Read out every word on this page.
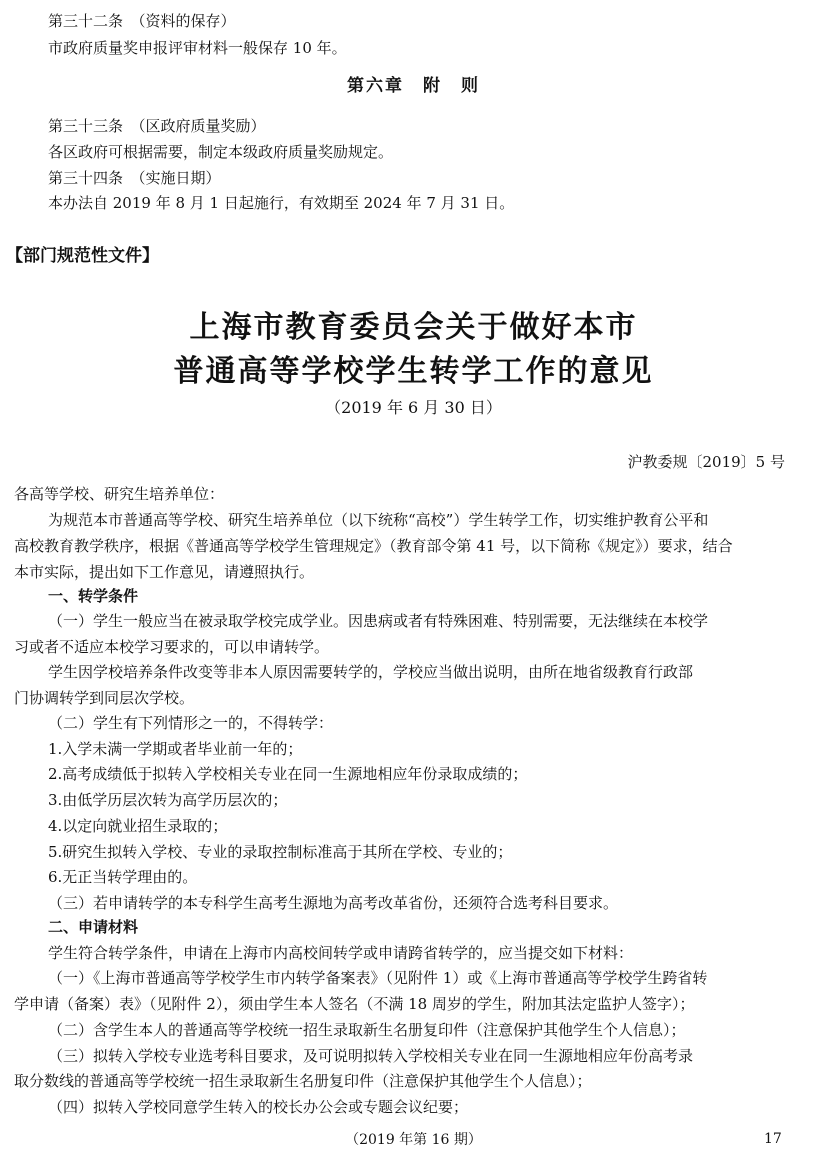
第三十二条　（资料的保存）
市政府质量奖申报评审材料一般保存 10 年。
第六章　附　则
第三十三条　（区政府质量奖励）
各区政府可根据需要，制定本级政府质量奖励规定。
第三十四条　（实施日期）
本办法自 2019 年 8 月 1 日起施行，有效期至 2024 年 7 月 31 日。
【部门规范性文件】
上海市教育委员会关于做好本市
普通高等学校学生转学工作的意见
（2019 年 6 月 30 日）
沪教委规〔2019〕5 号
各高等学校、研究生培养单位：
为规范本市普通高等学校、研究生培养单位（以下统称“高校”）学生转学工作，切实维护教育公平和
高校教育教学秩序，根据《普通高等学校学生管理规定》（教育部令第 41 号，以下简称《规定》）要求，结合
本市实际，提出如下工作意见，请遵照执行。
一、转学条件
（一）学生一般应当在被录取学校完成学业。因患病或者有特殊困难、特别需要，无法继续在本校学
习或者不适应本校学习要求的，可以申请转学。
学生因学校培养条件改变等非本人原因需要转学的，学校应当做出说明，由所在地省级教育行政部
门协调转学到同层次学校。
（二）学生有下列情形之一的，不得转学：
1.入学未满一学期或者毕业前一年的；
2.高考成绩低于拟转入学校相关专业在同一生源地相应年份录取成绩的；
3.由低学历层次转为高学历层次的；
4.以定向就业招生录取的；
5.研究生拟转入学校、专业的录取控制标准高于其所在学校、专业的；
6.无正当转学理由的。
（三）若申请转学的本专科学生高考生源地为高考改革省份，还须符合选考科目要求。
二、申请材料
学生符合转学条件，申请在上海市内高校间转学或申请跨省转学的，应当提交如下材料：
（一）《上海市普通高等学校学生市内转学备案表》（见附件 1）或《上海市普通高等学校学生跨省转
学申请（备案）表》（见附件 2），须由学生本人签名（不满 18 周岁的学生，附加其法定监护人签字）；
（二）含学生本人的普通高等学校统一招生录取新生名册复印件（注意保护其他学生个人信息）；
（三）拟转入学校专业选考科目要求，及可说明拟转入学校相关专业在同一生源地相应年份高考录
取分数线的普通高等学校统一招生录取新生名册复印件（注意保护其他学生个人信息）；
（四）拟转入学校同意学生转入的校长办公会或专题会议纪要；
（2019 年第 16 期）	17
